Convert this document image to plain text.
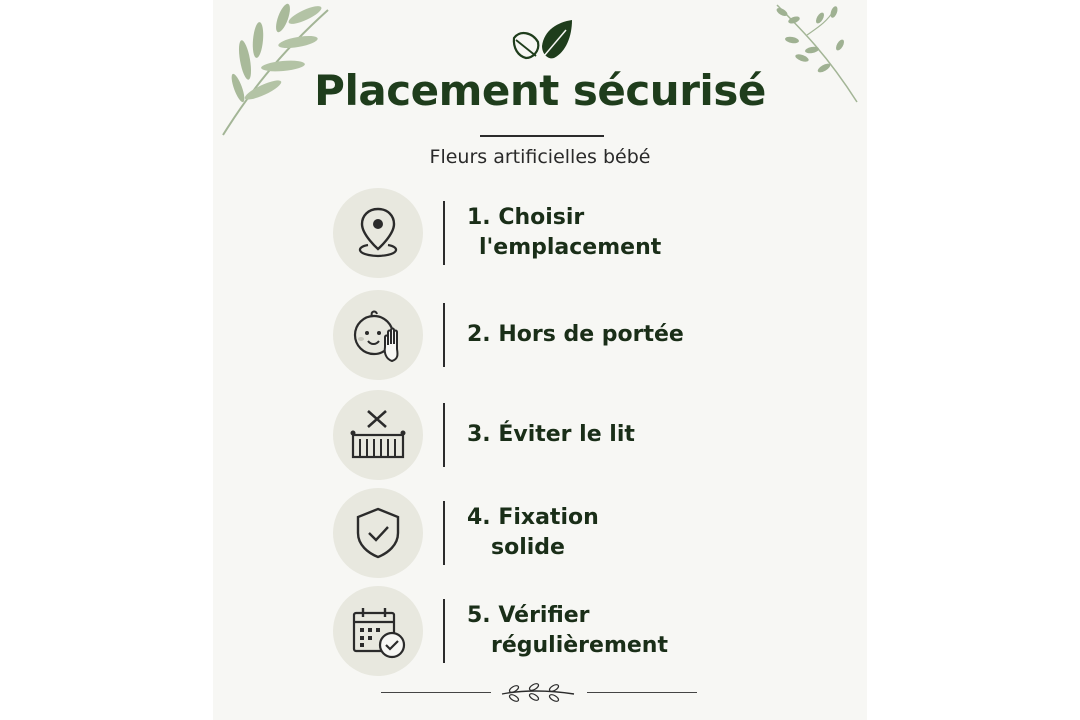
Placement sécurisé
Fleurs artificielles bébé
1. Choisir
l'emplacement
2. Hors de portée
3. Éviter le lit
4. Fixation
solide
5. Vérifier
régulièrement
